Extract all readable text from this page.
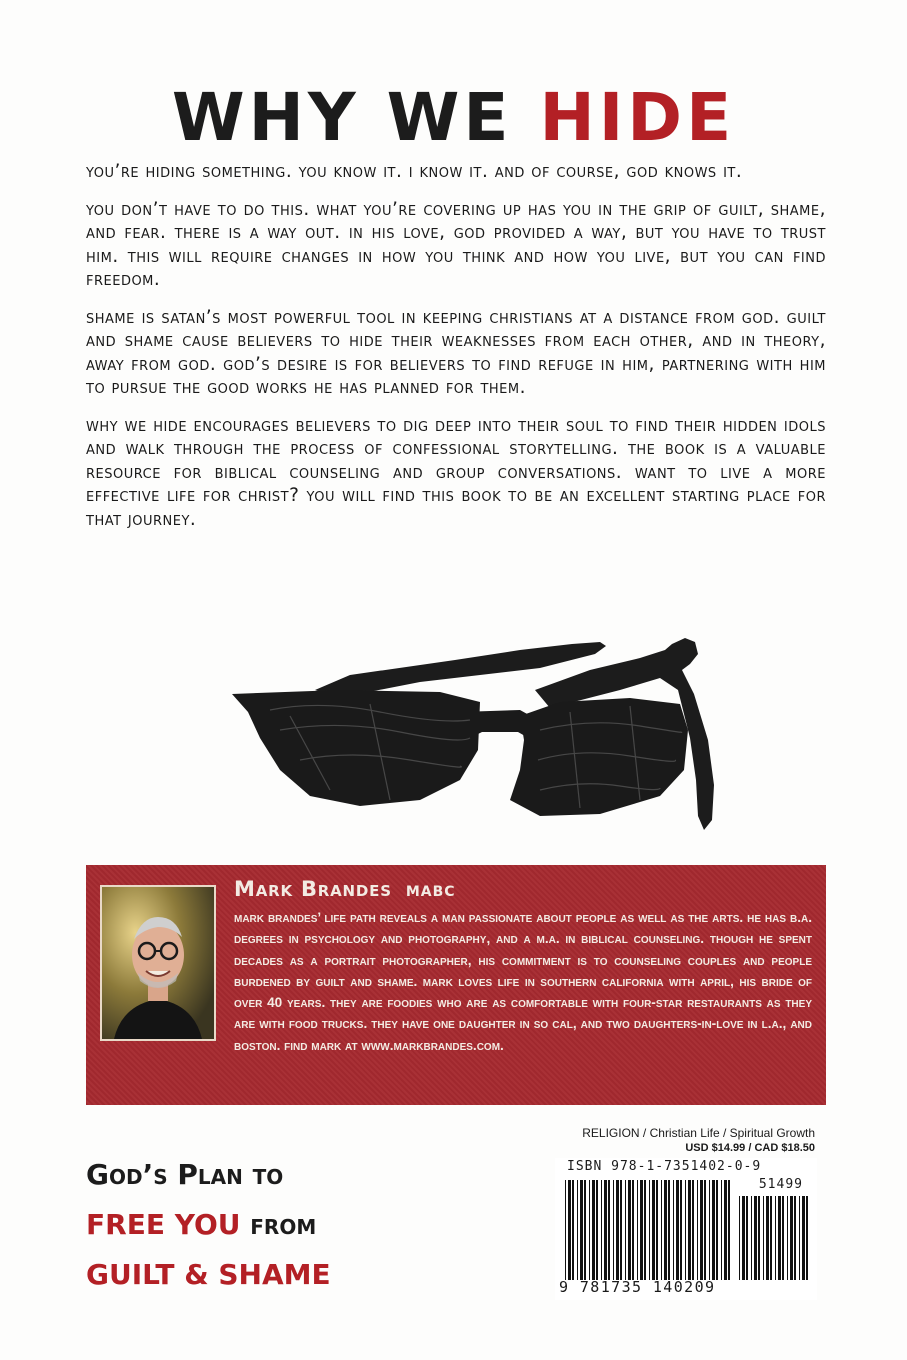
WHY WE HIDE

you’re hiding something. you know it. i know it. and of course, god knows it.

you don’t have to do this. what you’re covering up has you in the grip of guilt, shame, and fear. there is a way out. in his love, god provided a way, but you have to trust him. this will require changes in how you think and how you live, but you can find freedom.

shame is satan’s most powerful tool in keeping christians at a distance from god. guilt and shame cause believers to hide their weaknesses from each other, and in theory, away from god. god’s desire is for believers to find refuge in him, partnering with him to pursue the good works he has planned for them.

why we hide encourages believers to dig deep into their soul to find their hidden idols and walk through the process of confessional storytelling. the book is a valuable resource for biblical counseling and group conversations. want to live a more effective life for christ? you will find this book to be an excellent starting place for that journey.

Mark Brandes MABC
mark brandes’ life path reveals a man passionate about people as well as the arts. he has b.a. degrees in psychology and photography, and a m.a. in biblical counseling. though he spent decades as a portrait photographer, his commitment is to counseling couples and people burdened by guilt and shame. mark loves life in southern california with april, his bride of over 40 years. they are foodies who are as comfortable with four-star restaurants as they are with food trucks. they have one daughter in so cal, and two daughters-in-love in l.a., and boston. find mark at www.markbrandes.com.
God’s Plan to
FREE YOU from
GUILT & SHAME
RELIGION / Christian Life / Spiritual Growth
USD $14.99 / CAD $18.50
ISBN 978-1-7351402-0-9
51499
9 781735 140209
